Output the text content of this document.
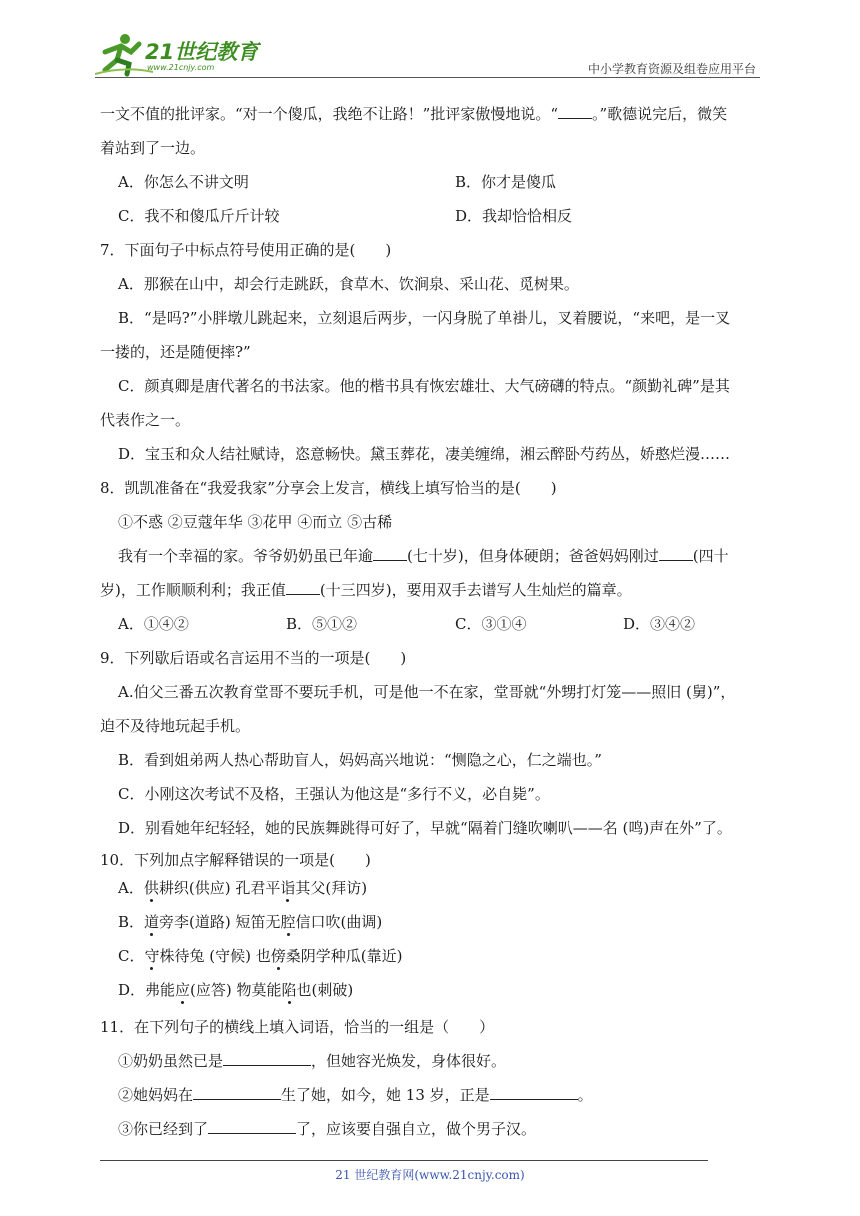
21世纪教育
www.21cnjy.com	中小学教育资源及组卷应用平台
一文不值的批评家。“对一个傻瓜，我绝不让路！”批评家傲慢地说。“ 。”歌德说完后，微笑
着站到了一边。
A．你怎么不讲文明	B．你才是傻瓜
C．我不和傻瓜斤斤计较	D．我却恰恰相反
7．下面句子中标点符号使用正确的是(　　)
A．那猴在山中，却会行走跳跃，食草木、饮涧泉、采山花、觅树果。
B．“是吗?”小胖墩儿跳起来，立刻退后两步，一闪身脱了单褂儿，叉着腰说，“来吧，是一叉
一搂的，还是随便摔?”
C．颜真卿是唐代著名的书法家。他的楷书具有恢宏雄壮、大气磅礴的特点。“颜勤礼碑”是其
代表作之一。
D．宝玉和众人结社赋诗，恣意畅快。黛玉葬花，凄美缠绵，湘云醉卧芍药丛，娇憨烂漫……
8．凯凯准备在“我爱我家”分享会上发言，横线上填写恰当的是(　　)
①不惑 ②豆蔻年华 ③花甲 ④而立 ⑤古稀
我有一个幸福的家。爷爷奶奶虽已年逾 (七十岁)，但身体硬朗；爸爸妈妈刚过 (四十
岁)，工作顺顺利利；我正值 (十三四岁)，要用双手去谱写人生灿烂的篇章。
A．①④②	B．⑤①②	C．③①④	D．③④②
9．下列歇后语或名言运用不当的一项是(　　)
A.伯父三番五次教育堂哥不要玩手机，可是他一不在家，堂哥就“外甥打灯笼——照旧 (舅)”，
迫不及待地玩起手机。
B．看到姐弟两人热心帮助盲人，妈妈高兴地说：“恻隐之心，仁之端也。”
C．小刚这次考试不及格，王强认为他这是“多行不义，必自毙”。
D．别看她年纪轻轻，她的民族舞跳得可好了，早就“隔着门缝吹喇叭——名 (鸣)声在外”了。
10．下列加点字解释错误的一项是(　　)
A．供耕织(供应) 孔君平诣其父(拜访)
B．道旁李(道路) 短笛无腔信口吹(曲调)
C．守株待兔 (守候) 也傍桑阴学种瓜(靠近)
D．弗能应(应答) 物莫能陷也(刺破)
11．在下列句子的横线上填入词语，恰当的一组是（　　）
①奶奶虽然已是	，但她容光焕发，身体很好。
②她妈妈在	生了她，如今，她 13 岁，正是	。
③你已经到了	了，应该要自强自立，做个男子汉。
21 世纪教育网(www.21cnjy.com)
